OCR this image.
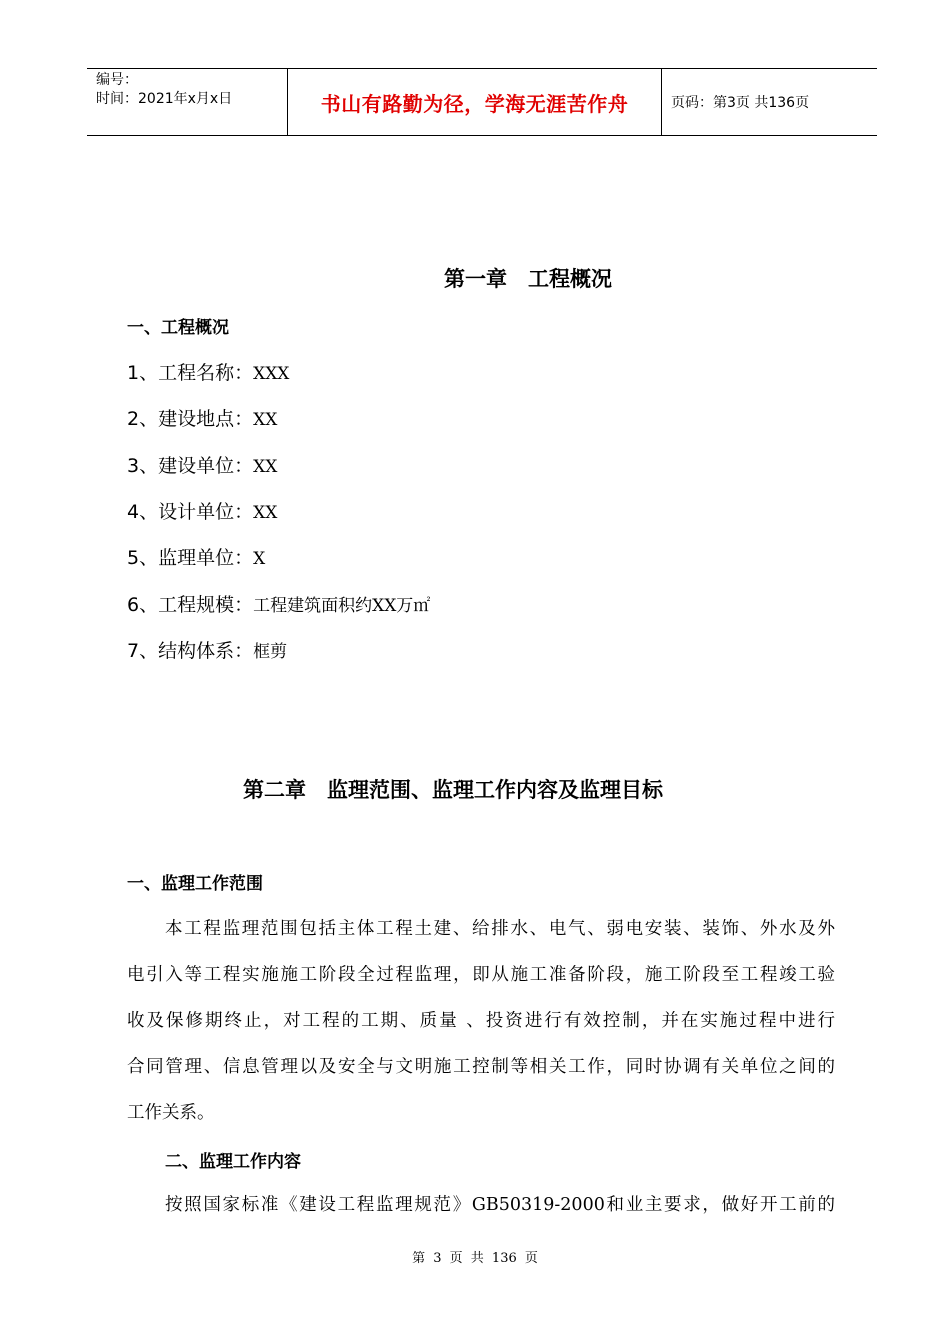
编号：
时间：2021年x月x日	书山有路勤为径，学海无涯苦作舟	页码：第3页 共136页
第一章　工程概况
一、工程概况
1、工程名称：XXX
2、建设地点：XX
3、建设单位：XX
4、设计单位：XX
5、监理单位：X
6、工程规模：工程建筑面积约XX万㎡
7、结构体系：框剪
第二章　监理范围、监理工作内容及监理目标
一、监理工作范围
本工程监理范围包括主体工程土建、给排水、电气、弱电安装、装饰、外水及外
电引入等工程实施施工阶段全过程监理，即从施工准备阶段，施工阶段至工程竣工验
收及保修期终止，对工程的工期、质量 、投资进行有效控制，并在实施过程中进行
合同管理、信息管理以及安全与文明施工控制等相关工作，同时协调有关单位之间的
工作关系。
二、监理工作内容
按照国家标准《建设工程监理规范》GB50319-2000和业主要求，做好开工前的
第 3 页 共 136 页
